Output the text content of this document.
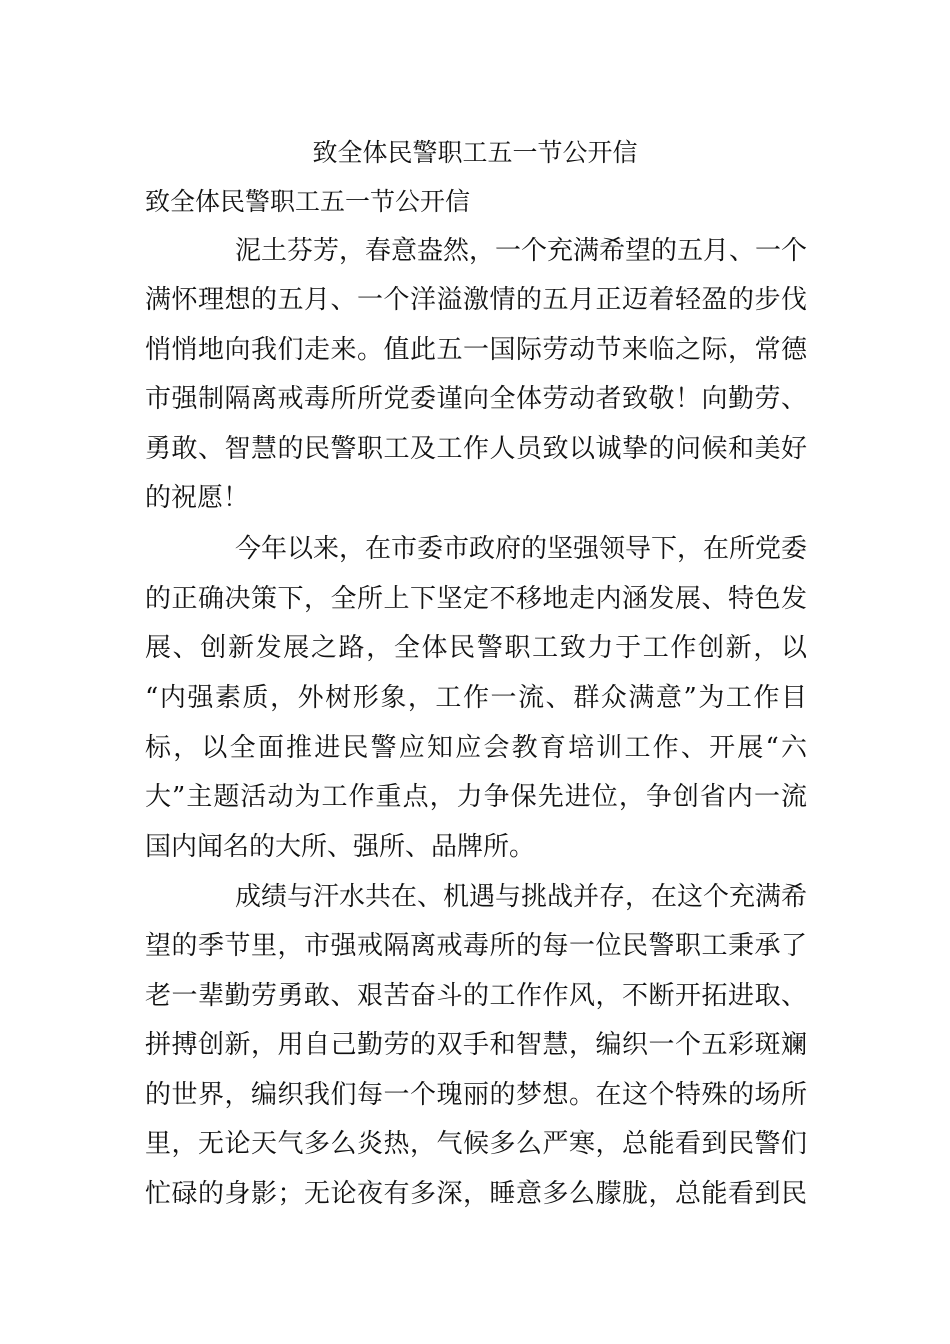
致全体民警职工五一节公开信
致全体民警职工五一节公开信
泥土芬芳，春意盎然，一个充满希望的五月、一个
满怀理想的五月、一个洋溢激情的五月正迈着轻盈的步伐
悄悄地向我们走来。值此五一国际劳动节来临之际，常德
市强制隔离戒毒所所党委谨向全体劳动者致敬！向勤劳、
勇敢、智慧的民警职工及工作人员致以诚挚的问候和美好
的祝愿！
今年以来，在市委市政府的坚强领导下，在所党委
的正确决策下，全所上下坚定不移地走内涵发展、特色发
展、创新发展之路，全体民警职工致力于工作创新，以
“内强素质，外树形象，工作一流、群众满意”为工作目
标，以全面推进民警应知应会教育培训工作、开展“六
大”主题活动为工作重点，力争保先进位，争创省内一流
国内闻名的大所、强所、品牌所。
成绩与汗水共在、机遇与挑战并存，在这个充满希
望的季节里，市强戒隔离戒毒所的每一位民警职工秉承了
老一辈勤劳勇敢、艰苦奋斗的工作作风，不断开拓进取、
拼搏创新，用自己勤劳的双手和智慧，编织一个五彩斑斓
的世界，编织我们每一个瑰丽的梦想。在这个特殊的场所
里，无论天气多么炎热，气候多么严寒，总能看到民警们
忙碌的身影；无论夜有多深，睡意多么朦胧，总能看到民
